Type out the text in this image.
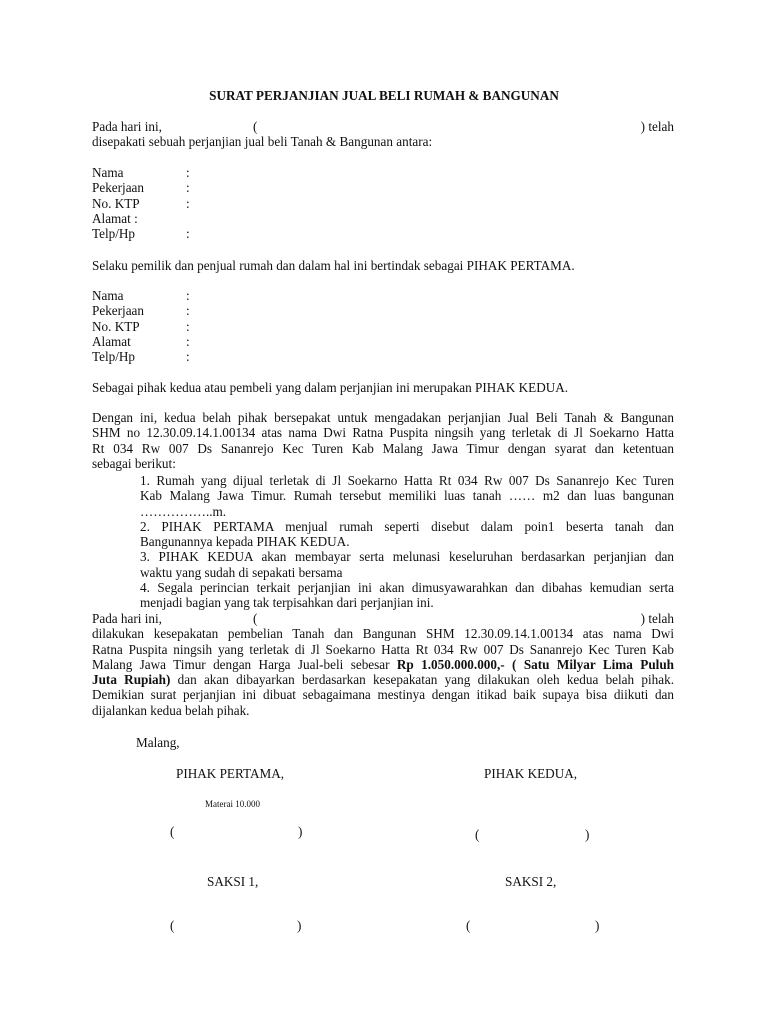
SURAT PERJANJIAN JUAL BELI RUMAH & BANGUNAN
Pada hari ini,	(	) telah
disepakati sebuah perjanjian jual beli Tanah & Bangunan antara:
Nama	:
Pekerjaan	:
No. KTP	:
Alamat :
Telp/Hp	:
Selaku pemilik dan penjual rumah dan dalam hal ini bertindak sebagai PIHAK PERTAMA.
Nama	:
Pekerjaan	:
No. KTP	:
Alamat	:
Telp/Hp	:
Sebagai pihak kedua atau pembeli yang dalam perjanjian ini merupakan PIHAK KEDUA.
Dengan ini, kedua belah pihak bersepakat untuk mengadakan perjanjian Jual Beli Tanah & Bangunan
SHM no 12.30.09.14.1.00134 atas nama Dwi Ratna Puspita ningsih yang terletak di Jl Soekarno Hatta
Rt 034 Rw 007 Ds Sananrejo Kec Turen Kab Malang Jawa Timur dengan syarat dan ketentuan
sebagai berikut:
1. Rumah yang dijual terletak di Jl Soekarno Hatta Rt 034 Rw 007 Ds Sananrejo Kec Turen
Kab Malang Jawa Timur. Rumah tersebut memiliki luas tanah …… m2 dan luas bangunan
……………..m.
2. PIHAK PERTAMA menjual rumah seperti disebut dalam poin1 beserta tanah dan
Bangunannya kepada PIHAK KEDUA.
3. PIHAK KEDUA akan membayar serta melunasi keseluruhan berdasarkan perjanjian dan
waktu yang sudah di sepakati bersama
4. Segala perincian terkait perjanjian ini akan dimusyawarahkan dan dibahas kemudian serta
menjadi bagian yang tak terpisahkan dari perjanjian ini.
Pada hari ini,	(	) telah
dilakukan kesepakatan pembelian Tanah dan Bangunan SHM 12.30.09.14.1.00134 atas nama Dwi
Ratna Puspita ningsih yang terletak di Jl Soekarno Hatta Rt 034 Rw 007 Ds Sananrejo Kec Turen Kab
Malang Jawa Timur dengan Harga Jual-beli sebesar Rp 1.050.000.000,- ( Satu Milyar Lima Puluh
Juta Rupiah) dan akan dibayarkan berdasarkan kesepakatan yang dilakukan oleh kedua belah pihak.
Demikian surat perjanjian ini dibuat sebagaimana mestinya dengan itikad baik supaya bisa diikuti dan
dijalankan kedua belah pihak.
Malang,
PIHAK PERTAMA,	PIHAK KEDUA,
Materai 10.000
(	)	(	)
SAKSI 1,	SAKSI 2,
(	)	(	)
